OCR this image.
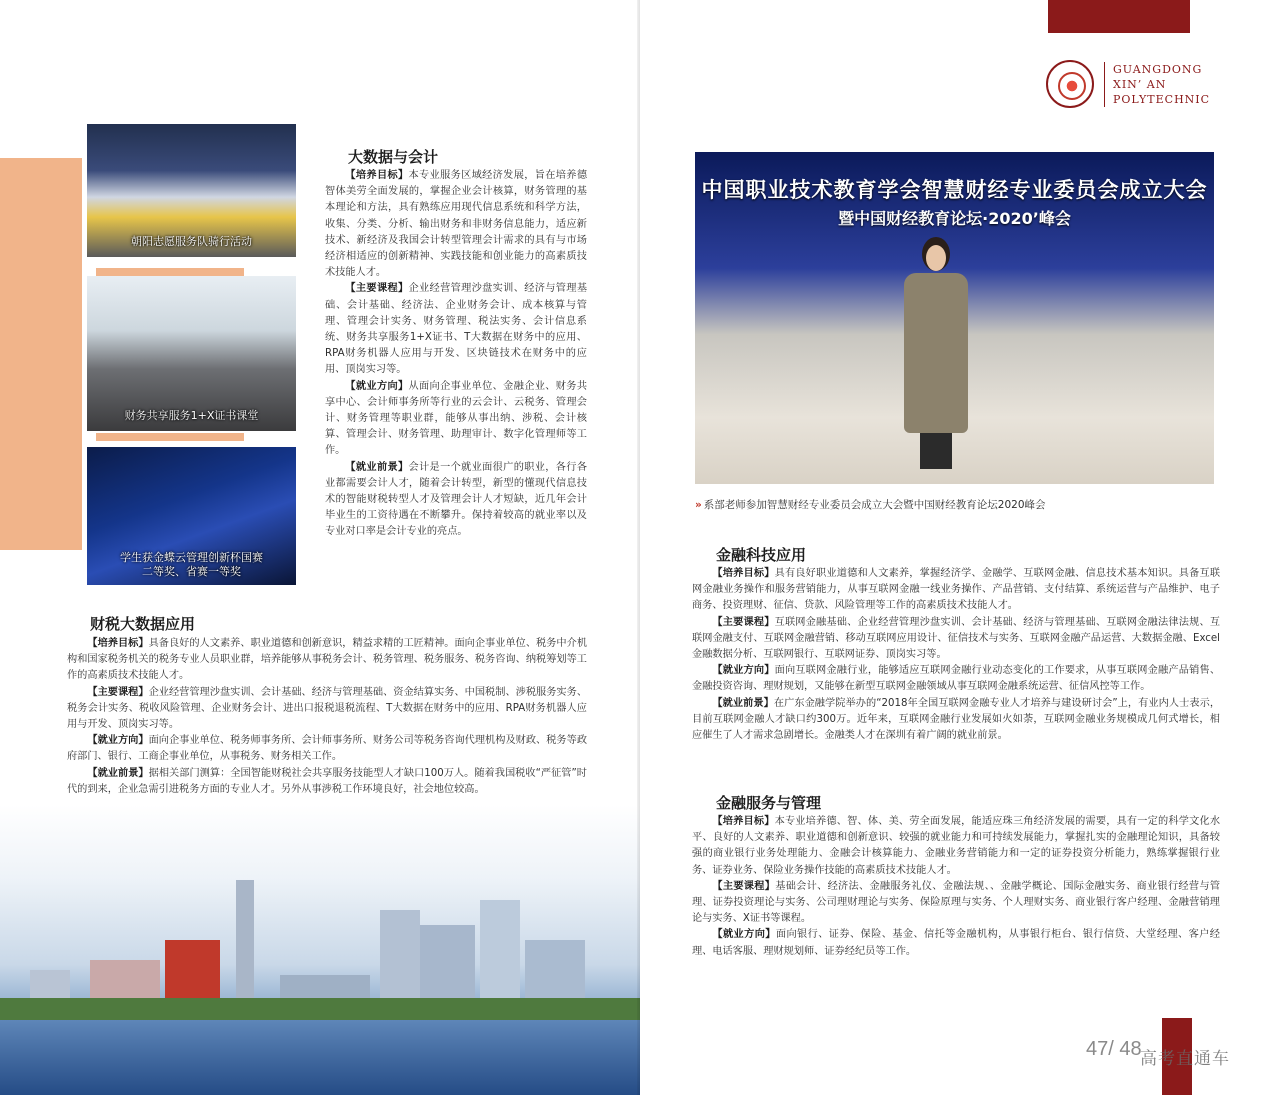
朝阳志愿服务队骑行活动
财务共享服务1+X证书课堂
学生获金蝶云管理创新杯国赛
二等奖、省赛一等奖
大数据与会计

【培养目标】本专业服务区域经济发展，旨在培养德智体美劳全面发展的，掌握企业会计核算，财务管理的基本理论和方法，具有熟练应用现代信息系统和科学方法，收集、分类、分析、输出财务和非财务信息能力，适应新技术、新经济及我国会计转型管理会计需求的具有与市场经济相适应的创新精神、实践技能和创业能力的高素质技术技能人才。

【主要课程】企业经营管理沙盘实训、经济与管理基础、会计基础、经济法、企业财务会计、成本核算与管理、管理会计实务、财务管理、税法实务、会计信息系统、财务共享服务1+X证书、T大数据在财务中的应用、RPA财务机器人应用与开发、区块链技术在财务中的应用、顶岗实习等。

【就业方向】从面向企事业单位、金融企业、财务共享中心、会计师事务所等行业的云会计、云税务、管理会计、财务管理等职业群，能够从事出纳、涉税、会计核算、管理会计、财务管理、助理审计、数字化管理师等工作。

【就业前景】会计是一个就业面很广的职业，各行各业都需要会计人才，随着会计转型，新型的懂现代信息技术的智能财税转型人才及管理会计人才短缺，近几年会计毕业生的工资待遇在不断攀升。保持着较高的就业率以及专业对口率是会计专业的亮点。

财税大数据应用

【培养目标】具备良好的人文素养、职业道德和创新意识，精益求精的工匠精神。面向企事业单位、税务中介机构和国家税务机关的税务专业人员职业群，培养能够从事税务会计、税务管理、税务服务、税务咨询、纳税筹划等工作的高素质技术技能人才。

【主要课程】企业经营管理沙盘实训、会计基础、经济与管理基础、资金结算实务、中国税制、涉税服务实务、税务会计实务、税收风险管理、企业财务会计、进出口报税退税流程、T大数据在财务中的应用、RPA财务机器人应用与开发、顶岗实习等。

【就业方向】面向企事业单位、税务师事务所、会计师事务所、财务公司等税务咨询代理机构及财政、税务等政府部门、银行、工商企事业单位，从事税务、财务相关工作。

【就业前景】据相关部门测算：全国智能财税社会共享服务技能型人才缺口100万人。随着我国税收“严征管”时代的到来，企业急需引进税务方面的专业人才。另外从事涉税工作环境良好，社会地位较高。

GUANGDONG
XIN’ AN
POLYTECHNIC
中国职业技术教育学会智慧财经专业委员会成立大会
暨中国财经教育论坛·2020’峰会
» 系部老师参加智慧财经专业委员会成立大会暨中国财经教育论坛2020峰会
金融科技应用

【培养目标】具有良好职业道德和人文素养，掌握经济学、金融学、互联网金融、信息技术基本知识。具备互联网金融业务操作和服务营销能力，从事互联网金融一线业务操作、产品营销、支付结算、系统运营与产品维护、电子商务、投资理财、征信、贷款、风险管理等工作的高素质技术技能人才。

【主要课程】互联网金融基础、企业经营管理沙盘实训、会计基础、经济与管理基础、互联网金融法律法规、互联网金融支付、互联网金融营销、移动互联网应用设计、征信技术与实务、互联网金融产品运营、大数据金融、Excel金融数据分析、互联网银行、互联网证券、顶岗实习等。

【就业方向】面向互联网金融行业，能够适应互联网金融行业动态变化的工作要求，从事互联网金融产品销售、金融投资咨询、理财规划，又能够在新型互联网金融领域从事互联网金融系统运营、征信风控等工作。

【就业前景】在广东金融学院举办的“2018年全国互联网金融专业人才培养与建设研讨会”上，有业内人士表示，目前互联网金融人才缺口约300万。近年来，互联网金融行业发展如火如荼，互联网金融业务规模成几何式增长，相应催生了人才需求急剧增长。金融类人才在深圳有着广阔的就业前景。

金融服务与管理

【培养目标】本专业培养德、智、体、美、劳全面发展，能适应珠三角经济发展的需要，具有一定的科学文化水平、良好的人文素养、职业道德和创新意识、较强的就业能力和可持续发展能力，掌握扎实的金融理论知识，具备较强的商业银行业务处理能力、金融会计核算能力、金融业务营销能力和一定的证券投资分析能力，熟练掌握银行业务、证券业务、保险业务操作技能的高素质技术技能人才。

【主要课程】基础会计、经济法、金融服务礼仪、金融法规、、金融学概论、国际金融实务、商业银行经营与管理、证券投资理论与实务、公司理财理论与实务、保险原理与实务、个人理财实务、商业银行客户经理、金融营销理论与实务、X证书等课程。

【就业方向】面向银行、证券、保险、基金、信托等金融机构，从事银行柜台、银行信贷、大堂经理、客户经理、电话客服、理财规划师、证券经纪员等工作。

47/ 48
高考直通车
